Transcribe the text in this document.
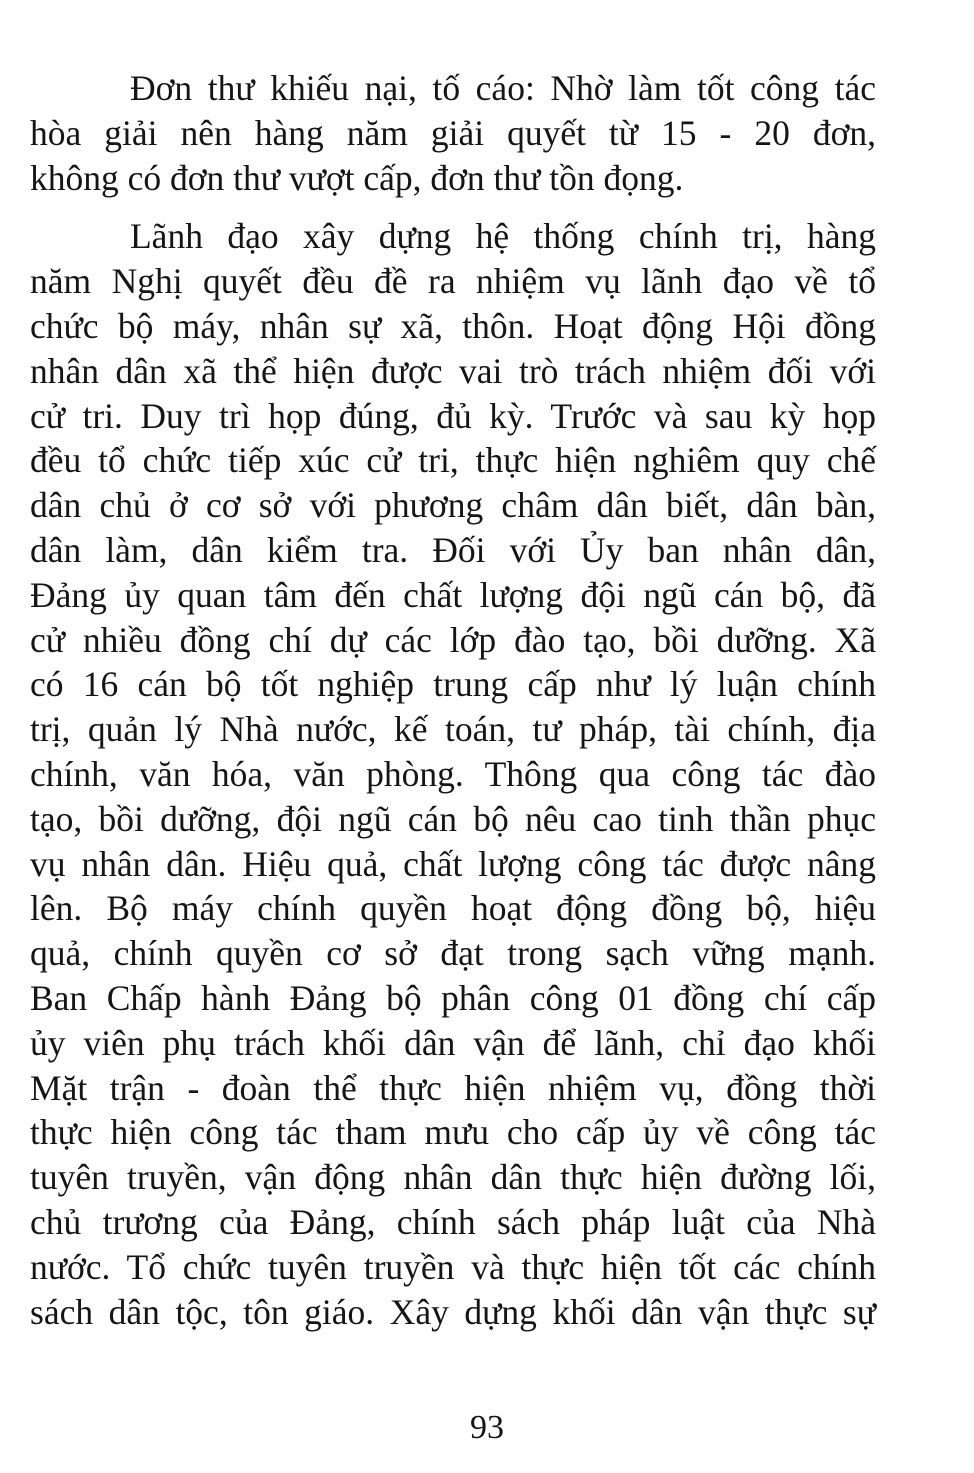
Đơn thư khiếu nại, tố cáo: Nhờ làm tốt công tác
hòa giải nên hàng năm giải quyết từ 15 - 20 đơn,
không có đơn thư vượt cấp, đơn thư tồn đọng.
Lãnh đạo xây dựng hệ thống chính trị, hàng
năm Nghị quyết đều đề ra nhiệm vụ lãnh đạo về tổ
chức bộ máy, nhân sự xã, thôn. Hoạt động Hội đồng
nhân dân xã thể hiện được vai trò trách nhiệm đối với
cử tri. Duy trì họp đúng, đủ kỳ. Trước và sau kỳ họp
đều tổ chức tiếp xúc cử tri, thực hiện nghiêm quy chế
dân chủ ở cơ sở với phương châm dân biết, dân bàn,
dân làm, dân kiểm tra. Đối với Ủy ban nhân dân,
Đảng ủy quan tâm đến chất lượng đội ngũ cán bộ, đã
cử nhiều đồng chí dự các lớp đào tạo, bồi dưỡng. Xã
có 16 cán bộ tốt nghiệp trung cấp như lý luận chính
trị, quản lý Nhà nước, kế toán, tư pháp, tài chính, địa
chính, văn hóa, văn phòng. Thông qua công tác đào
tạo, bồi dưỡng, đội ngũ cán bộ nêu cao tinh thần phục
vụ nhân dân. Hiệu quả, chất lượng công tác được nâng
lên. Bộ máy chính quyền hoạt động đồng bộ, hiệu
quả, chính quyền cơ sở đạt trong sạch vững mạnh.
Ban Chấp hành Đảng bộ phân công 01 đồng chí cấp
ủy viên phụ trách khối dân vận để lãnh, chỉ đạo khối
Mặt trận - đoàn thể thực hiện nhiệm vụ, đồng thời
thực hiện công tác tham mưu cho cấp ủy về công tác
tuyên truyền, vận động nhân dân thực hiện đường lối,
chủ trương của Đảng, chính sách pháp luật của Nhà
nước. Tổ chức tuyên truyền và thực hiện tốt các chính
sách dân tộc, tôn giáo. Xây dựng khối dân vận thực sự
93
